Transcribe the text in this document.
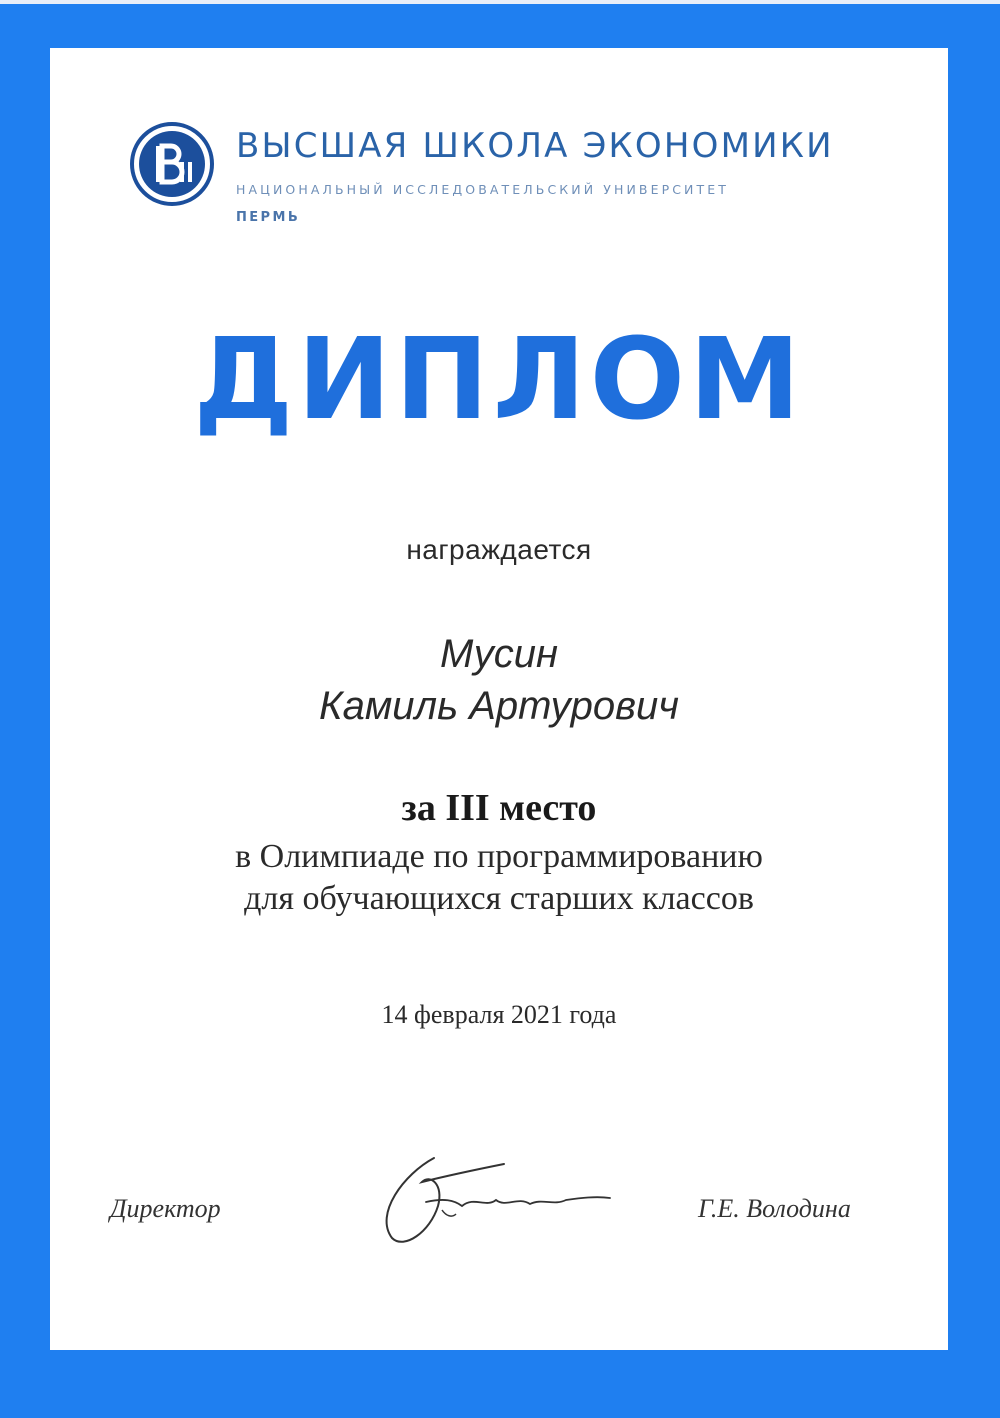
ВЫСШАЯ ШКОЛА ЭКОНОМИКИ
НАЦИОНАЛЬНЫЙ ИССЛЕДОВАТЕЛЬСКИЙ УНИВЕРСИТЕТ
ПЕРМЬ
ДИПЛОМ
награждается
Мусин
Камиль Артурович
за III место
в Олимпиаде по программированию
для обучающихся старших классов
14 февраля 2021 года
Директор	Г.Е. Володина
